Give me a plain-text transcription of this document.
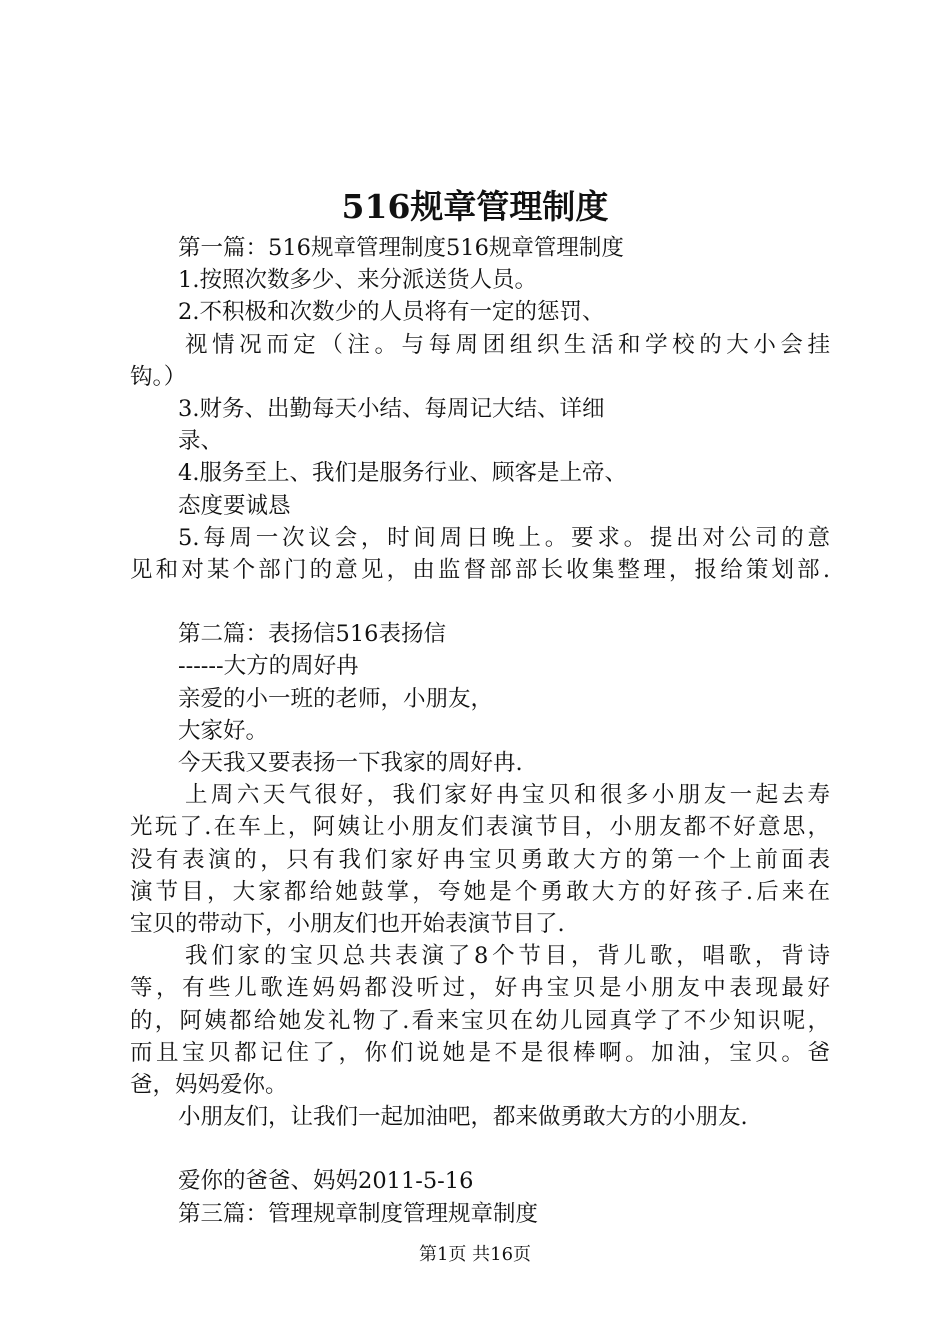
516规章管理制度
第一篇：516规章管理制度516规章管理制度
1.按照次数多少、来分派送货人员。
2.不积极和次数少的人员将有一定的惩罚、
视情况而定（注。与每周团组织生活和学校的大小会挂
钩。）
3.财务、出勤每天小结、每周记大结、详细
录、
4.服务至上、我们是服务行业、顾客是上帝、
态度要诚恳
5.每周一次议会，时间周日晚上。要求。提出对公司的意
见和对某个部门的意见，由监督部部长收集整理，报给策划部.
第二篇：表扬信516表扬信
------大方的周好冉
亲爱的小一班的老师，小朋友，
大家好。
今天我又要表扬一下我家的周好冉.
上周六天气很好，我们家好冉宝贝和很多小朋友一起去寿
光玩了.在车上，阿姨让小朋友们表演节目，小朋友都不好意思，
没有表演的，只有我们家好冉宝贝勇敢大方的第一个上前面表
演节目，大家都给她鼓掌，夸她是个勇敢大方的好孩子.后来在
宝贝的带动下，小朋友们也开始表演节目了.
我们家的宝贝总共表演了8个节目，背儿歌，唱歌，背诗
等，有些儿歌连妈妈都没听过，好冉宝贝是小朋友中表现最好
的，阿姨都给她发礼物了.看来宝贝在幼儿园真学了不少知识呢，
而且宝贝都记住了，你们说她是不是很棒啊。加油，宝贝。爸
爸，妈妈爱你。
小朋友们，让我们一起加油吧，都来做勇敢大方的小朋友.
爱你的爸爸、妈妈2011-5-16
第三篇：管理规章制度管理规章制度
第1页 共16页
